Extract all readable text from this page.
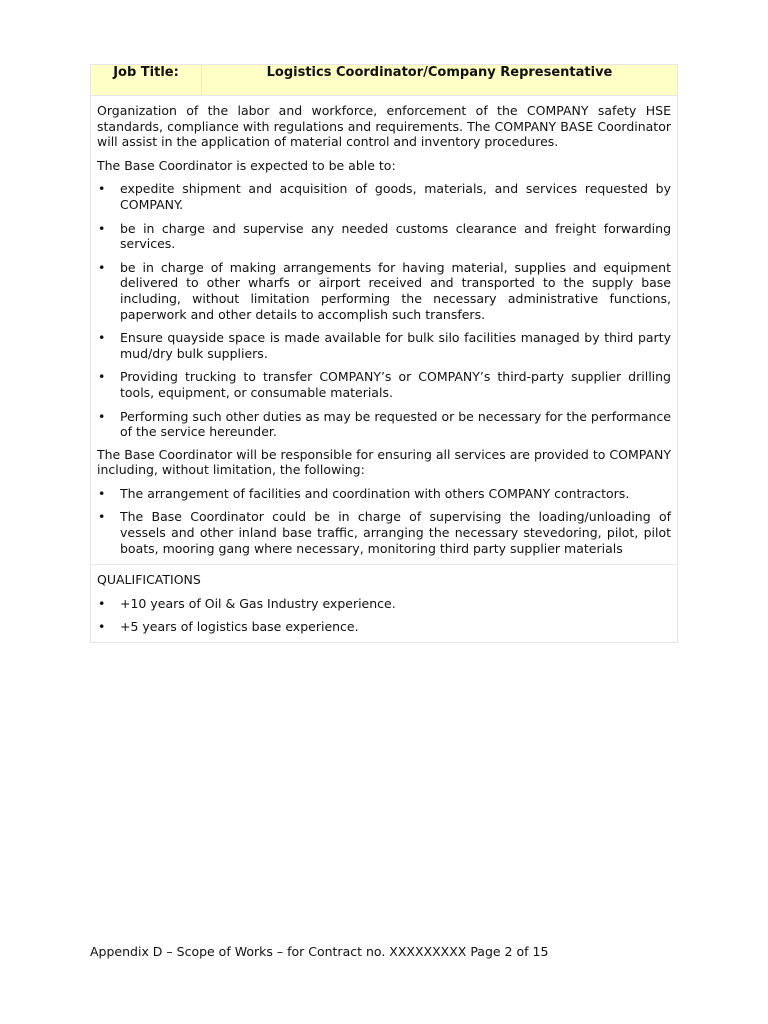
Job Title:	Logistics Coordinator/Company Representative

Organization of the labor and workforce, enforcement of the COMPANY safety HSE standards, compliance with regulations and requirements. The COMPANY BASE Coordinator will assist in the application of material control and inventory procedures.

The Base Coordinator is expected to be able to:

• expedite shipment and acquisition of goods, materials, and services requested by COMPANY.
• be in charge and supervise any needed customs clearance and freight forwarding services.
• be in charge of making arrangements for having material, supplies and equipment delivered to other wharfs or airport received and transported to the supply base including, without limitation performing the necessary administrative functions, paperwork and other details to accomplish such transfers.
• Ensure quayside space is made available for bulk silo facilities managed by third party mud/dry bulk suppliers.
• Providing trucking to transfer COMPANY’s or COMPANY’s third-party supplier drilling tools, equipment, or consumable materials.
• Performing such other duties as may be requested or be necessary for the performance of the service hereunder.

The Base Coordinator will be responsible for ensuring all services are provided to COMPANY including, without limitation, the following:

• The arrangement of facilities and coordination with others COMPANY contractors.
• The Base Coordinator could be in charge of supervising the loading/unloading of vessels and other inland base traffic, arranging the necessary stevedoring, pilot, pilot boats, mooring gang where necessary, monitoring third party supplier materials

QUALIFICATIONS

• +10 years of Oil & Gas Industry experience.
• +5 years of logistics base experience.
Appendix D – Scope of Works – for Contract no. XXXXXXXXX Page 2 of 15
